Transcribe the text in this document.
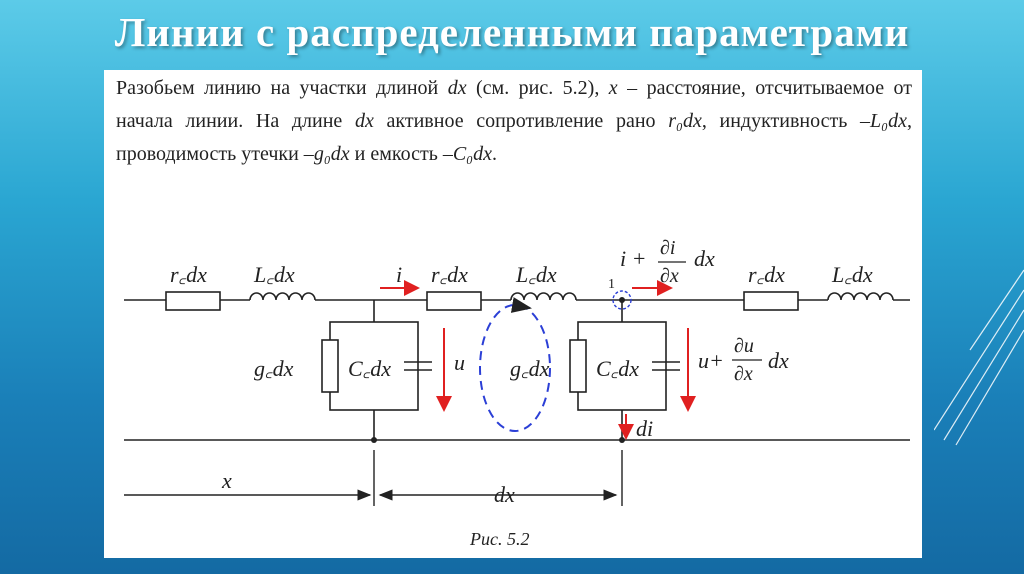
Линии с распределенными параметрами
Разобьем линию на участки длиной dx (см. рис. 5.2), x – расстояние, отсчитываемое от начала линии. На длине dx активное сопротивление рано r₀dx, индуктивность –L₀dx, проводимость утечки –g₀dx и емкость –C₀dx.
r꜀dx L꜀dx	r꜀dx L꜀dx	r꜀dx L꜀dx
i
i + ∂i
∂x
dx
1
g꜀dx C꜀dx	u g꜀dx C꜀dx	u+
∂u
∂x
dx
di
x
dx
Рис. 5.2
